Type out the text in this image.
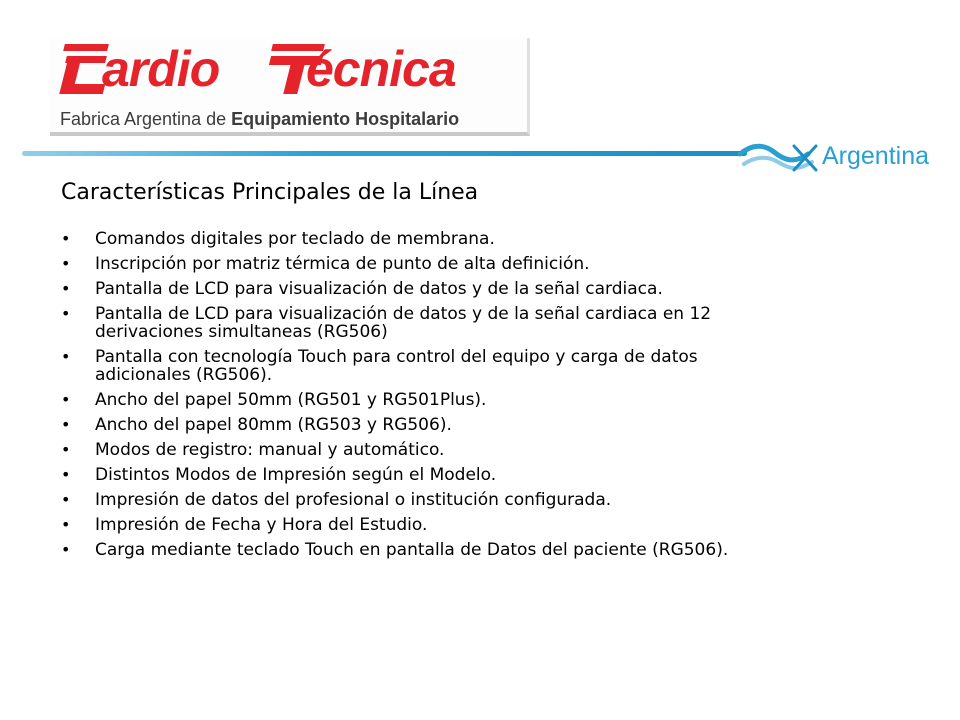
ardio écnica
Fabrica Argentina de Equipamiento Hospitalario
Argentina
Características Principales de la Línea
• Comandos digitales por teclado de membrana.
• Inscripción por matriz térmica de punto de alta definición.
• Pantalla de LCD para visualización de datos y de la señal cardiaca.
• Pantalla de LCD para visualización de datos y de la señal cardiaca en 12
derivaciones simultaneas (RG506)
• Pantalla con tecnología Touch para control del equipo y carga de datos
adicionales (RG506).
• Ancho del papel 50mm (RG501 y RG501Plus).
• Ancho del papel 80mm (RG503 y RG506).
• Modos de registro: manual y automático.
• Distintos Modos de Impresión según el Modelo.
• Impresión de datos del profesional o institución configurada.
• Impresión de Fecha y Hora del Estudio.
• Carga mediante teclado Touch en pantalla de Datos del paciente (RG506).
